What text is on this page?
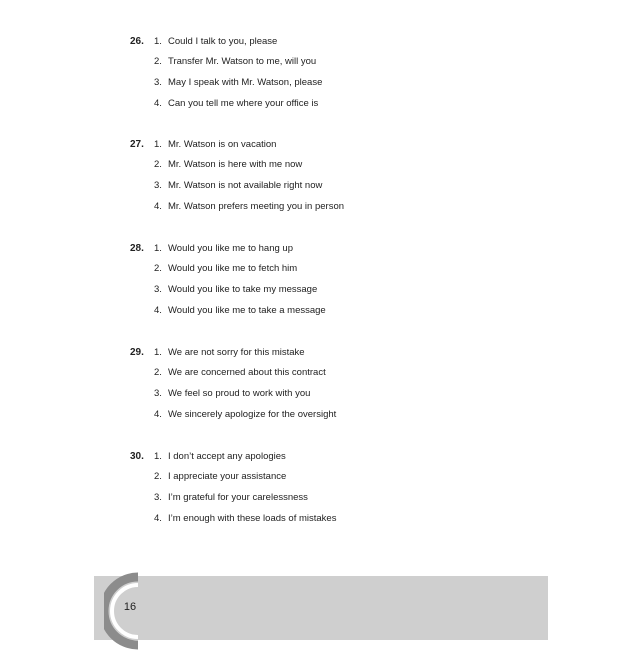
26. 1. Could I talk to you, please
2. Transfer Mr. Watson to me, will you
3. May I speak with Mr. Watson, please
4. Can you tell me where your office is
27. 1. Mr. Watson is on vacation
2. Mr. Watson is here with me now
3. Mr. Watson is not available right now
4. Mr. Watson prefers meeting you in person
28. 1. Would you like me to hang up
2. Would you like me to fetch him
3. Would you like to take my message
4. Would you like me to take a message
29. 1. We are not sorry for this mistake
2. We are concerned about this contract
3. We feel so proud to work with you
4. We sincerely apologize for the oversight
30. 1. I don’t accept any apologies
2. I appreciate your assistance
3. I’m grateful for your carelessness
4. I’m enough with these loads of mistakes
16
